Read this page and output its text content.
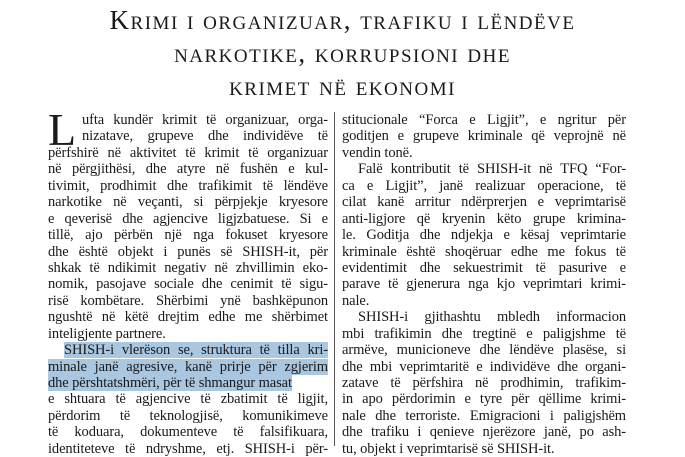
Krimi i organizuar, trafiku i lëndëve
narkotike, korrupsioni dhe
krimet në ekonomi
L ufta kundër krimit të organizuar, orga-
nizatave, grupeve dhe individëve të
përfshirë në aktivitet të krimit të organizuar
në përgjithësi, dhe atyre në fushën e kul-
tivimit, prodhimit dhe trafikimit të lëndëve
narkotike në veçanti, si përpjekje kryesore
e qeverisë dhe agjencive ligjzbatuese. Si e
tillë, ajo përbën një nga fokuset kryesore
dhe është objekt i punës së SHISH-it, për
shkak të ndikimit negativ në zhvillimin eko-
nomik, pasojave sociale dhe cenimit të sigu-
risë kombëtare. Shërbimi ynë bashkëpunon
ngushtë në këtë drejtim edhe me shërbimet
inteligjente partnere.
SHISH-i vlerëson se, struktura të tilla kri-
minale janë agresive, kanë prirje për zgjerim
dhe përshtatshmëri, për të shmangur masat
e shtuara të agjencive të zbatimit të ligjit,
përdorim të teknologjisë, komunikimeve
të koduara, dokumenteve të falsifikuara,
identiteteve të ndryshme, etj. SHISH-i për-
stitucionale “Forca e Ligjit”, e ngritur për
goditjen e grupeve kriminale që veprojnë në
vendin tonë.
Falë kontributit të SHISH-it në TFQ “For-
ca e Ligjit”, janë realizuar operacione, të
cilat kanë arritur ndërprerjen e veprimtarisë
anti-ligjore që kryenin këto grupe krimina-
le. Goditja dhe ndjekja e kësaj veprimtarie
kriminale është shoqëruar edhe me fokus të
evidentimit dhe sekuestrimit të pasurive e
parave të gjenerura nga kjo veprimtari krimi-
nale.
SHISH-i gjithashtu mbledh informacion
mbi trafikimin dhe tregtinë e paligjshme të
armëve, municioneve dhe lëndëve plasëse, si
dhe mbi veprimtaritë e individëve dhe organi-
zatave të përfshira në prodhimin, trafikim-
in apo përdorimin e tyre për qëllime krimi-
nale dhe terroriste. Emigracioni i paligjshëm
dhe trafiku i qenieve njerëzore janë, po ash-
tu, objekt i veprimtarisë së SHISH-it.
